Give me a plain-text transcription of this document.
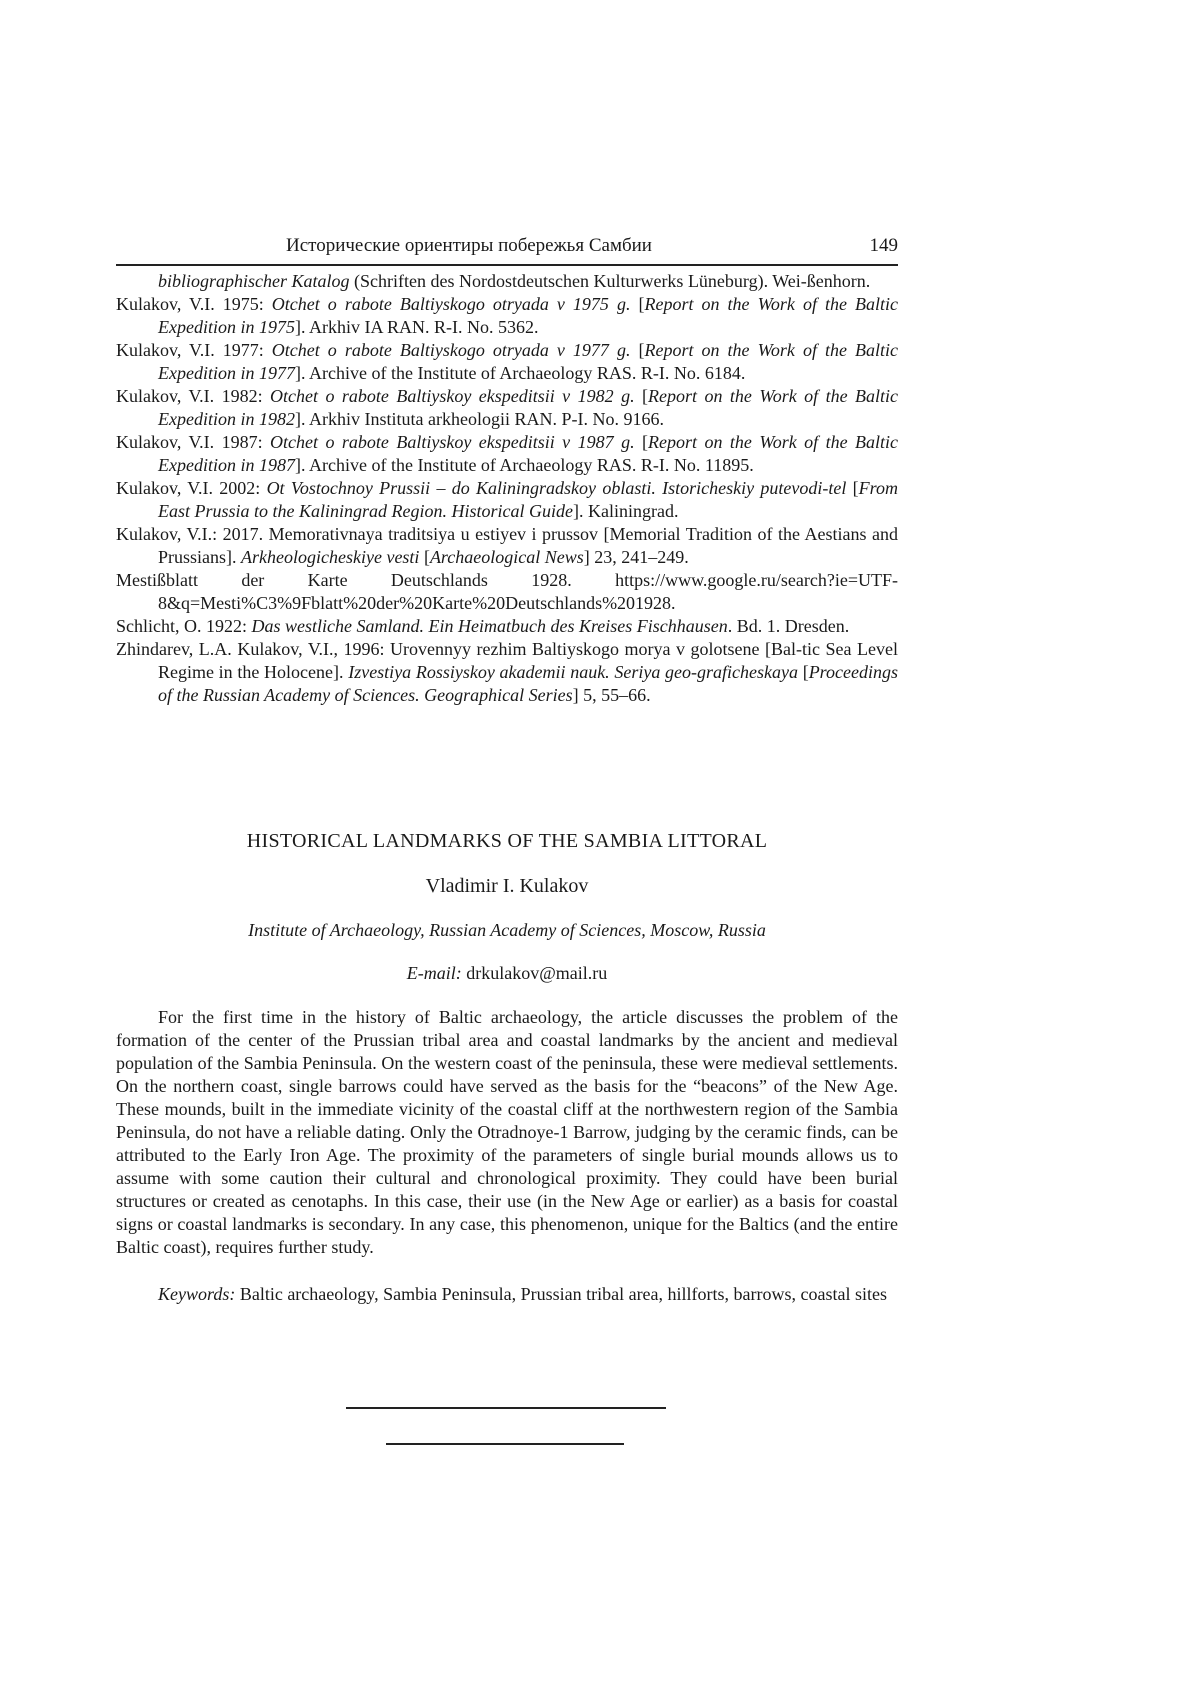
Исторические ориентиры побережья Самбии	149

bibliographischer Katalog (Schriften des Nordostdeutschen Kulturwerks Lüneburg). Wei-ßenhorn.

Kulakov, V.I. 1975: Otchet o rabote Baltiyskogo otryada v 1975 g. [Report on the Work of the Baltic Expedition in 1975]. Arkhiv IA RAN. R-I. No. 5362.

Kulakov, V.I. 1977: Otchet o rabote Baltiyskogo otryada v 1977 g. [Report on the Work of the Baltic Expedition in 1977]. Archive of the Institute of Archaeology RAS. R-I. No. 6184.

Kulakov, V.I. 1982: Otchet o rabote Baltiyskoy ekspeditsii v 1982 g. [Report on the Work of the Baltic Expedition in 1982]. Arkhiv Instituta arkheologii RAN. P-I. No. 9166.

Kulakov, V.I. 1987: Otchet o rabote Baltiyskoy ekspeditsii v 1987 g. [Report on the Work of the Baltic Expedition in 1987]. Archive of the Institute of Archaeology RAS. R-I. No. 11895.

Kulakov, V.I. 2002: Ot Vostochnoy Prussii – do Kaliningradskoy oblasti. Istoricheskiy putevodi-tel [From East Prussia to the Kaliningrad Region. Historical Guide]. Kaliningrad.

Kulakov, V.I.: 2017. Memorativnaya traditsiya u estiyev i prussov [Memorial Tradition of the Aestians and Prussians]. Arkheologicheskiye vesti [Archaeological News] 23, 241–249.

Mestißblatt der Karte Deutschlands 1928. https://www.google.ru/search?ie=UTF-8&q=Mesti%C3%9Fblatt%20der%20Karte%20Deutschlands%201928.

Schlicht, O. 1922: Das westliche Samland. Ein Heimatbuch des Kreises Fischhausen. Bd. 1. Dresden.

Zhindarev, L.A. Kulakov, V.I., 1996: Urovennyy rezhim Baltiyskogo morya v golotsene [Bal-tic Sea Level Regime in the Holocene]. Izvestiya Rossiyskoy akademii nauk. Seriya geo-graficheskaya [Proceedings of the Russian Academy of Sciences. Geographical Series] 5, 55–66.

HISTORICAL LANDMARKS OF THE SAMBIA LITTORAL

Vladimir I. Kulakov

Institute of Archaeology, Russian Academy of Sciences, Moscow, Russia

E-mail: drkulakov@mail.ru

For the first time in the history of Baltic archaeology, the article discusses the problem of the formation of the center of the Prussian tribal area and coastal landmarks by the ancient and medieval population of the Sambia Peninsula. On the western coast of the peninsula, these were medieval settlements. On the northern coast, single barrows could have served as the basis for the “beacons” of the New Age. These mounds, built in the immediate vicinity of the coastal cliff at the northwestern region of the Sambia Peninsula, do not have a reliable dating. Only the Otradnoye-1 Barrow, judging by the ceramic finds, can be attributed to the Early Iron Age. The proximity of the parameters of single burial mounds allows us to assume with some caution their cultural and chronological proximity. They could have been burial structures or created as cenotaphs. In this case, their use (in the New Age or earlier) as a basis for coastal signs or coastal landmarks is secondary. In any case, this phenomenon, unique for the Baltics (and the entire Baltic coast), requires further study.

Keywords: Baltic archaeology, Sambia Peninsula, Prussian tribal area, hillforts, barrows, coastal sites
